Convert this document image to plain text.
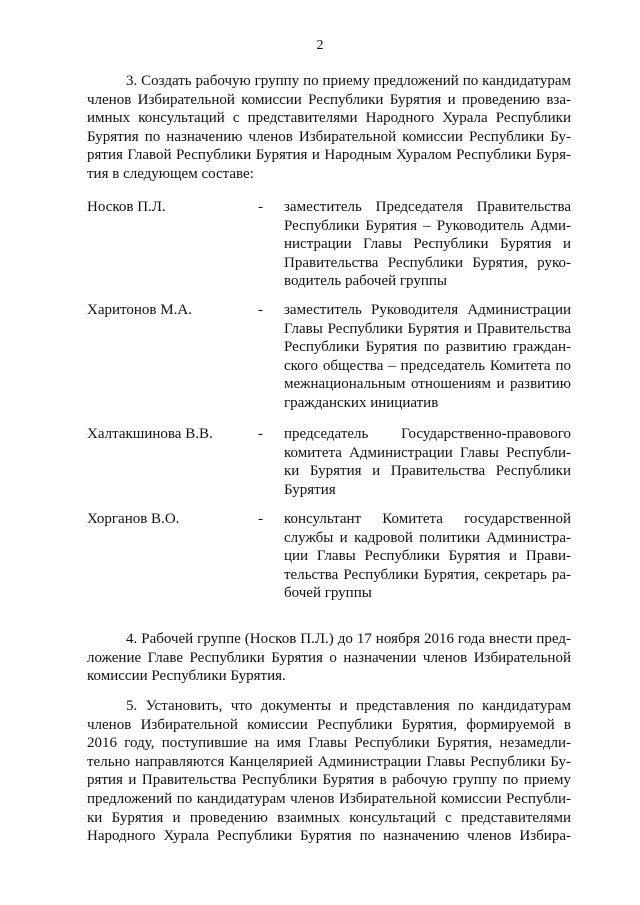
2
3. Создать рабочую группу по приему предложений по кандидатурам
членов Избирательной комиссии Республики Бурятия и проведению вза-
имных консультаций с представителями Народного Хурала Республики
Бурятия по назначению членов Избирательной комиссии Республики Бу-
рятия Главой Республики Бурятия и Народным Хуралом Республики Буря-
тия в следующем составе:
Носков П.Л.	- заместитель Председателя Правительства
Республики Бурятия – Руководитель Адми-
нистрации Главы Республики Бурятия и
Правительства Республики Бурятия, руко-
водитель рабочей группы
Харитонов М.А.	- заместитель Руководителя Администрации
Главы Республики Бурятия и Правительства
Республики Бурятия по развитию граждан-
ского общества – председатель Комитета по
межнациональным отношениям и развитию
гражданских инициатив
Халтакшинова В.В.	- председатель Государственно-правового
комитета Администрации Главы Республи-
ки Бурятия и Правительства Республики
Бурятия
Хорганов В.О.	- консультант Комитета государственной
службы и кадровой политики Администра-
ции Главы Республики Бурятия и Прави-
тельства Республики Бурятия, секретарь ра-
бочей группы
4. Рабочей группе (Носков П.Л.) до 17 ноября 2016 года внести пред-
ложение Главе Республики Бурятия о назначении членов Избирательной
комиссии Республики Бурятия.
5. Установить, что документы и представления по кандидатурам
членов Избирательной комиссии Республики Бурятия, формируемой в
2016 году, поступившие на имя Главы Республики Бурятия, незамедли-
тельно направляются Канцелярией Администрации Главы Республики Бу-
рятия и Правительства Республики Бурятия в рабочую группу по приему
предложений по кандидатурам членов Избирательной комиссии Республи-
ки Бурятия и проведению взаимных консультаций с представителями
Народного Хурала Республики Бурятия по назначению членов Избира-
